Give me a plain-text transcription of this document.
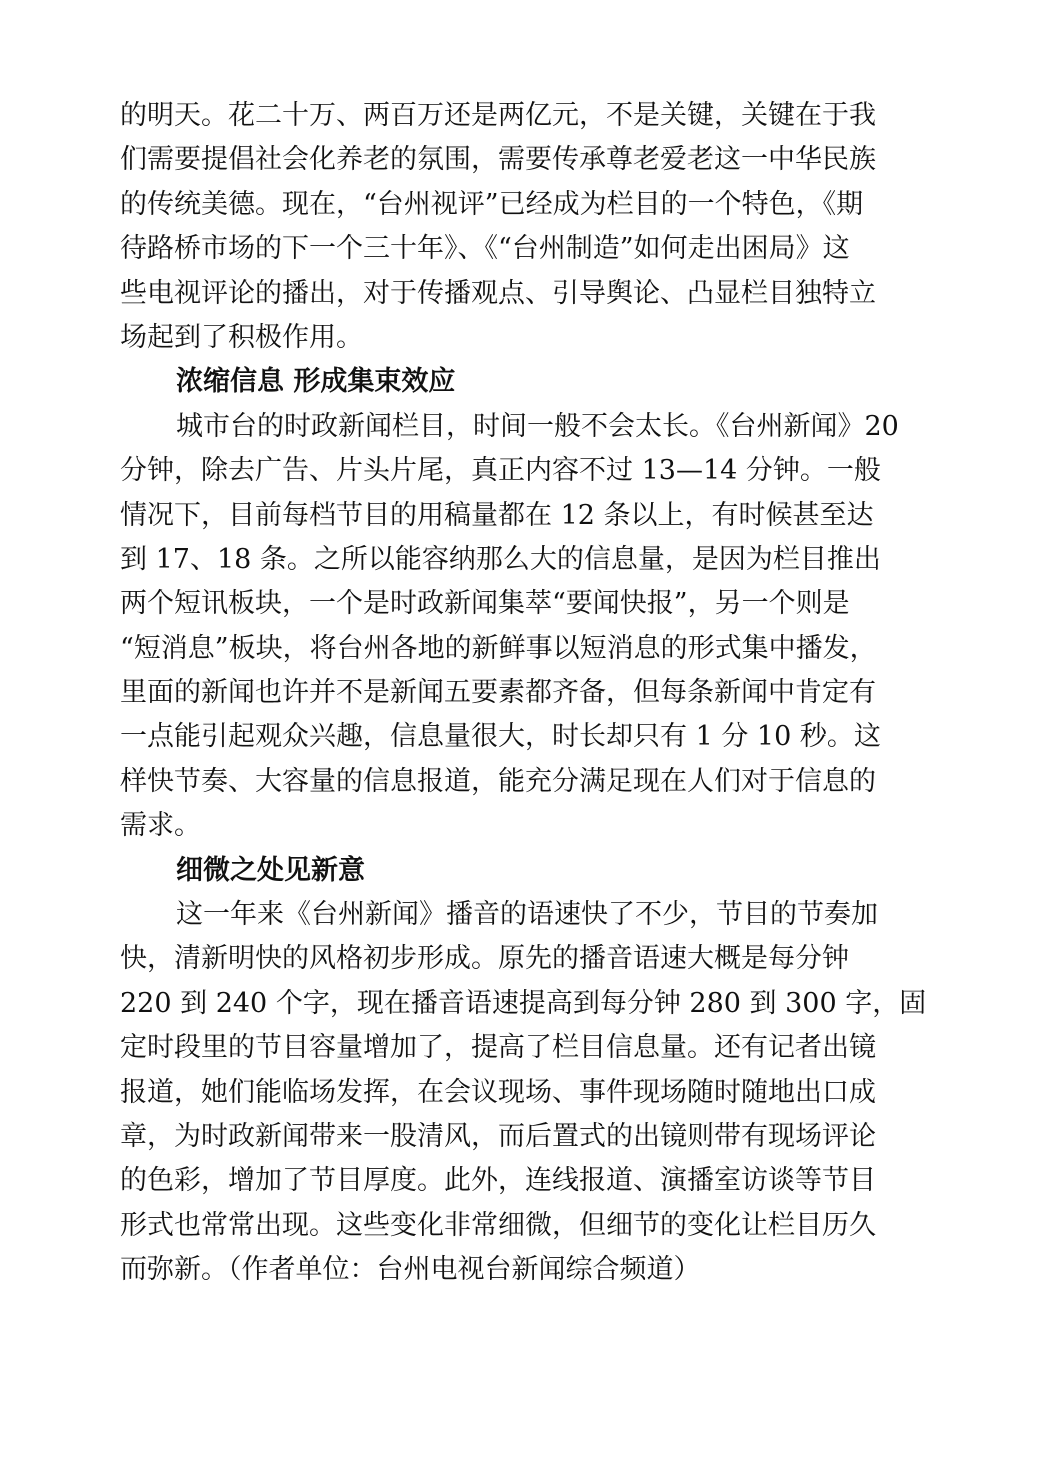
的明天。花二十万、两百万还是两亿元，不是关键，关键在于我
们需要提倡社会化养老的氛围，需要传承尊老爱老这一中华民族
的传统美德。现在，“台州视评”已经成为栏目的一个特色，《期
待路桥市场的下一个三十年》、《“台州制造”如何走出困局》这
些电视评论的播出，对于传播观点、引导舆论、凸显栏目独特立
场起到了积极作用。
浓缩信息 形成集束效应
城市台的时政新闻栏目，时间一般不会太长。《台州新闻》20
分钟，除去广告、片头片尾，真正内容不过 13—14 分钟。一般
情况下，目前每档节目的用稿量都在 12 条以上，有时候甚至达
到 17、18 条。之所以能容纳那么大的信息量，是因为栏目推出
两个短讯板块，一个是时政新闻集萃“要闻快报”，另一个则是
“短消息”板块，将台州各地的新鲜事以短消息的形式集中播发，
里面的新闻也许并不是新闻五要素都齐备，但每条新闻中肯定有
一点能引起观众兴趣，信息量很大，时长却只有 1 分 10 秒。这
样快节奏、大容量的信息报道，能充分满足现在人们对于信息的
需求。
细微之处见新意
这一年来《台州新闻》播音的语速快了不少，节目的节奏加
快，清新明快的风格初步形成。原先的播音语速大概是每分钟
220 到 240 个字，现在播音语速提高到每分钟 280 到 300 字，固
定时段里的节目容量增加了，提高了栏目信息量。还有记者出镜
报道，她们能临场发挥，在会议现场、事件现场随时随地出口成
章，为时政新闻带来一股清风，而后置式的出镜则带有现场评论
的色彩，增加了节目厚度。此外，连线报道、演播室访谈等节目
形式也常常出现。这些变化非常细微，但细节的变化让栏目历久
而弥新。（作者单位：台州电视台新闻综合频道）
